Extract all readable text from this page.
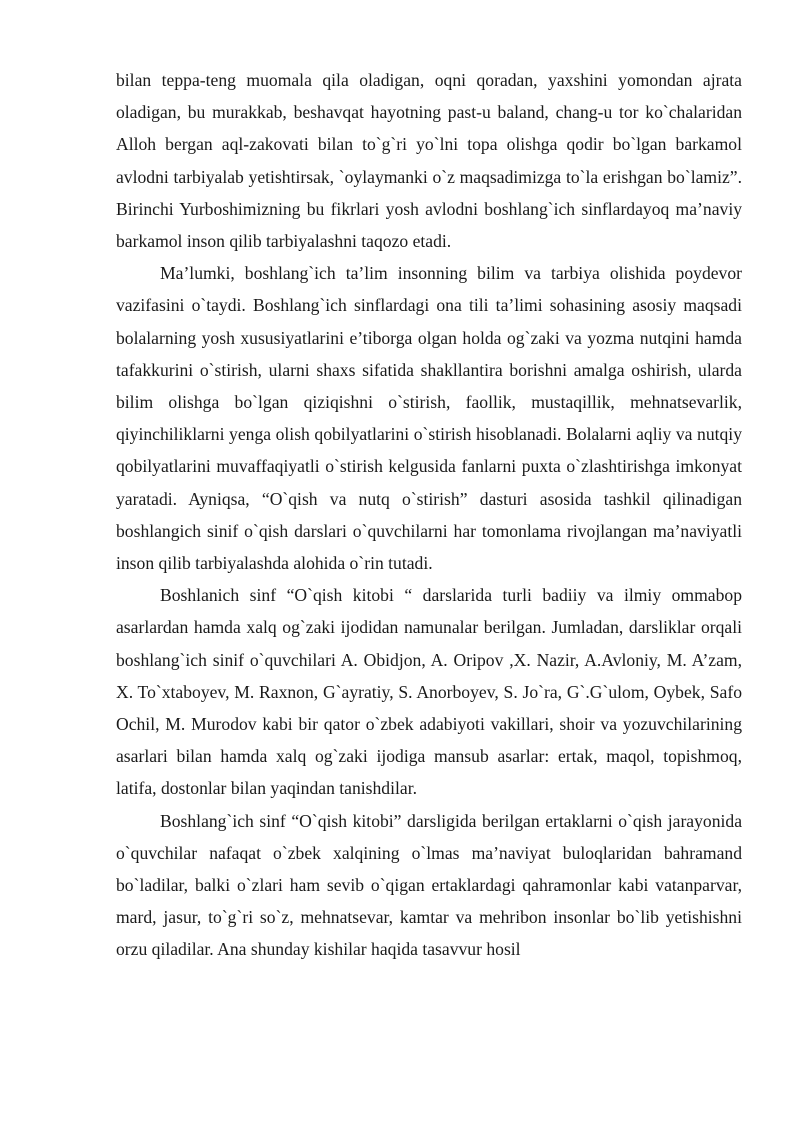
bilan teppa-teng muomala qila oladigan, oqni qoradan, yaxshini yomondan ajrata oladigan, bu murakkab, beshavqat hayotning past-u baland, chang-u tor ko`chalaridan Alloh bergan aql-zakovati bilan to`g`ri yo`lni topa olishga qodir bo`lgan barkamol avlodni tarbiyalab yetishtirsak, `oylaymanki o`z maqsadimizga to`la erishgan bo`lamiz”. Birinchi Yurboshimizning bu fikrlari yosh avlodni boshlang`ich sinflardayoq ma’naviy barkamol inson qilib tarbiyalashni taqozo etadi.

Ma’lumki, boshlang`ich ta’lim insonning bilim va tarbiya olishida poydevor vazifasini o`taydi. Boshlang`ich sinflardagi ona tili ta’limi sohasining asosiy maqsadi bolalarning yosh xususiyatlarini e’tiborga olgan holda og`zaki va yozma nutqini hamda tafakkurini o`stirish, ularni shaxs sifatida shakllantira borishni amalga oshirish, ularda bilim olishga bo`lgan qiziqishni o`stirish, faollik, mustaqillik, mehnatsevarlik, qiyinchiliklarni yenga olish qobilyatlarini o`stirish hisoblanadi. Bolalarni aqliy va nutqiy qobilyatlarini muvaffaqiyatli o`stirish kelgusida fanlarni puxta o`zlashtirishga imkonyat yaratadi. Ayniqsa, “O`qish va nutq o`stirish” dasturi asosida tashkil qilinadigan boshlangich sinif o`qish darslari o`quvchilarni har tomonlama rivojlangan ma’naviyatli inson qilib tarbiyalashda alohida o`rin tutadi.

Boshlanich sinf “O`qish kitobi “ darslarida turli badiiy va ilmiy ommabop asarlardan hamda xalq og`zaki ijodidan namunalar berilgan. Jumladan, darsliklar orqali boshlang`ich sinif o`quvchilari A. Obidjon, A. Oripov ,X. Nazir, A.Avloniy, M. A’zam, X. To`xtaboyev, M. Raxnon, G`ayratiy, S. Anorboyev, S. Jo`ra, G`.G`ulom, Oybek, Safo Ochil, M. Murodov kabi bir qator o`zbek adabiyoti vakillari, shoir va yozuvchilarining asarlari bilan hamda xalq og`zaki ijodiga mansub asarlar: ertak, maqol, topishmoq, latifa, dostonlar bilan yaqindan tanishdilar.

Boshlang`ich sinf “O`qish kitobi” darsligida berilgan ertaklarni o`qish jarayonida o`quvchilar nafaqat o`zbek xalqining o`lmas ma’naviyat buloqlaridan bahramand bo`ladilar, balki o`zlari ham sevib o`qigan ertaklardagi qahramonlar kabi vatanparvar, mard, jasur, to`g`ri so`z, mehnatsevar, kamtar va mehribon insonlar bo`lib yetishishni orzu qiladilar. Ana shunday kishilar haqida tasavvur hosil
